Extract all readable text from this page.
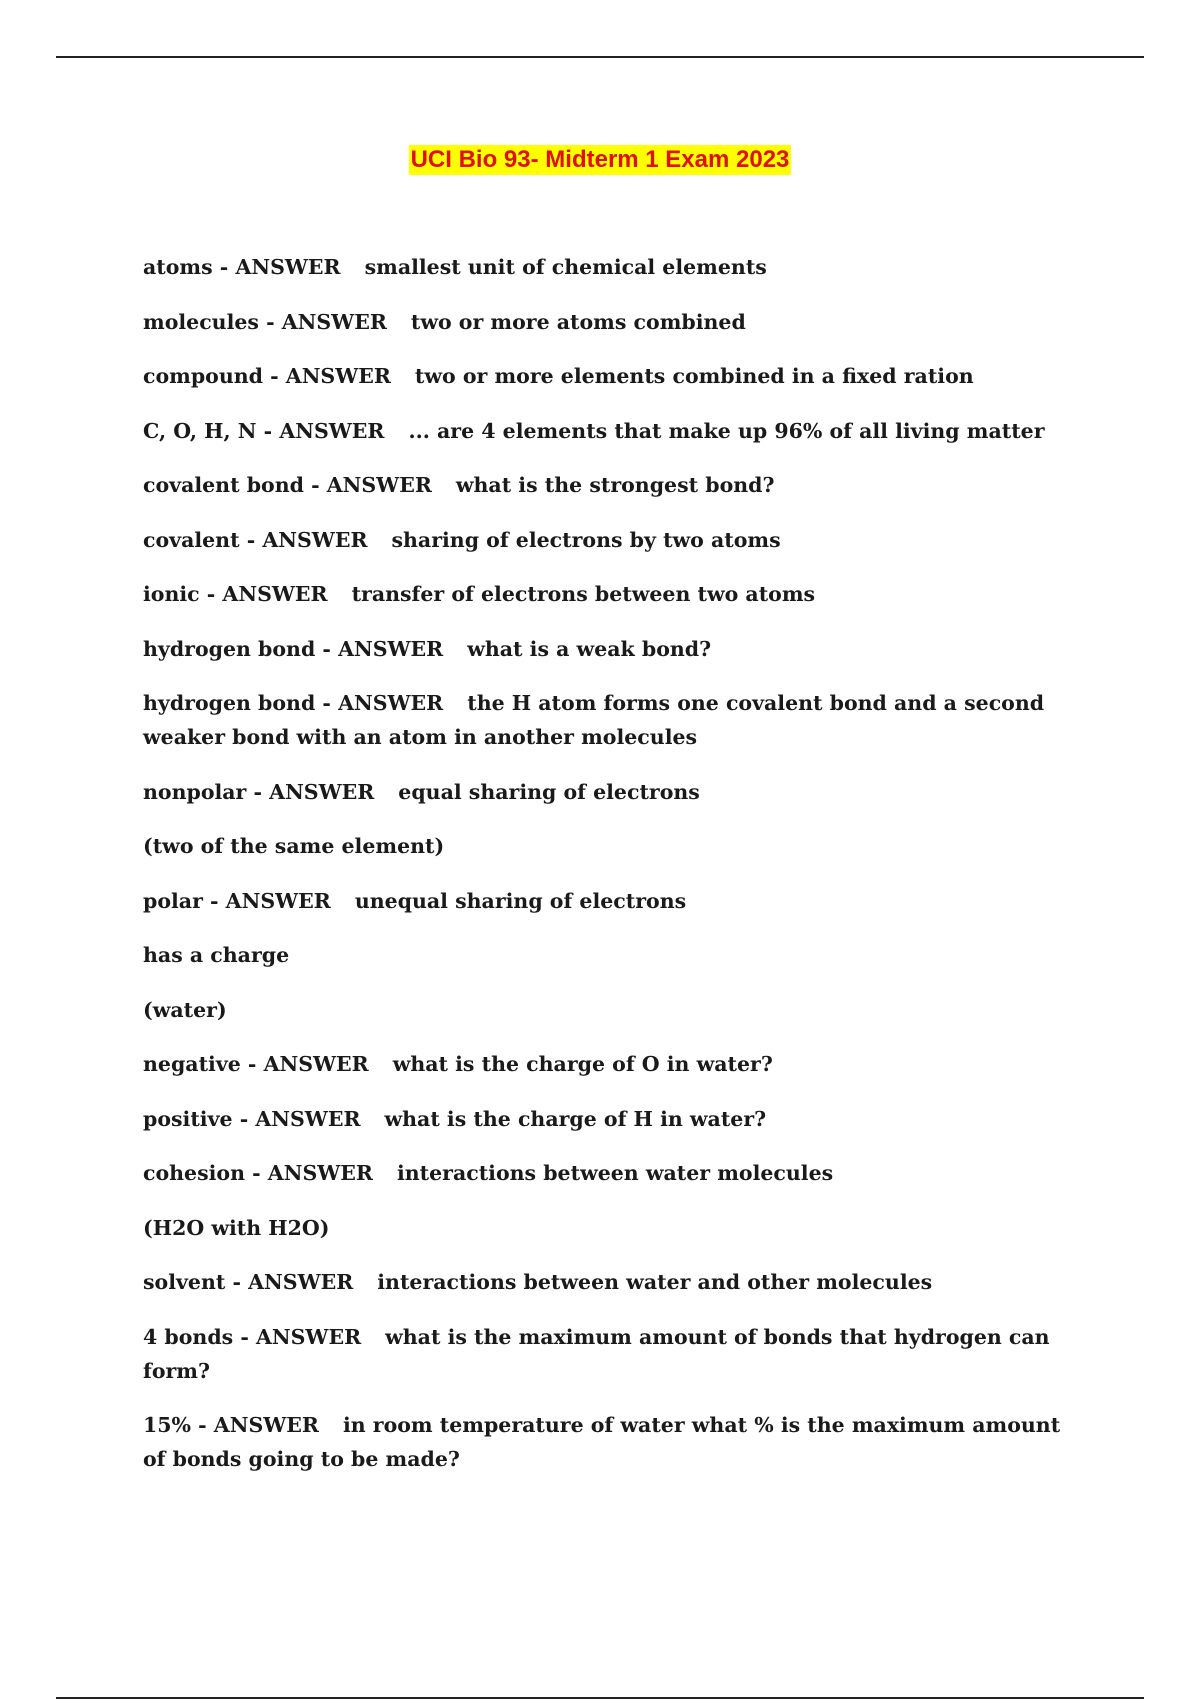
UCI Bio 93- Midterm 1 Exam 2023
atoms - ANSWER smallest unit of chemical elements
molecules - ANSWER two or more atoms combined
compound - ANSWER two or more elements combined in a fixed ration
C, O, H, N - ANSWER ... are 4 elements that make up 96% of all living matter
covalent bond - ANSWER what is the strongest bond?
covalent - ANSWER sharing of electrons by two atoms
ionic - ANSWER transfer of electrons between two atoms
hydrogen bond - ANSWER what is a weak bond?
hydrogen bond - ANSWER the H atom forms one covalent bond and a second weaker bond with an atom in another molecules
nonpolar - ANSWER equal sharing of electrons
(two of the same element)
polar - ANSWER unequal sharing of electrons
has a charge
(water)
negative - ANSWER what is the charge of O in water?
positive - ANSWER what is the charge of H in water?
cohesion - ANSWER interactions between water molecules
(H2O with H2O)
solvent - ANSWER interactions between water and other molecules
4 bonds - ANSWER what is the maximum amount of bonds that hydrogen can form?
15% - ANSWER in room temperature of water what % is the maximum amount of bonds going to be made?
